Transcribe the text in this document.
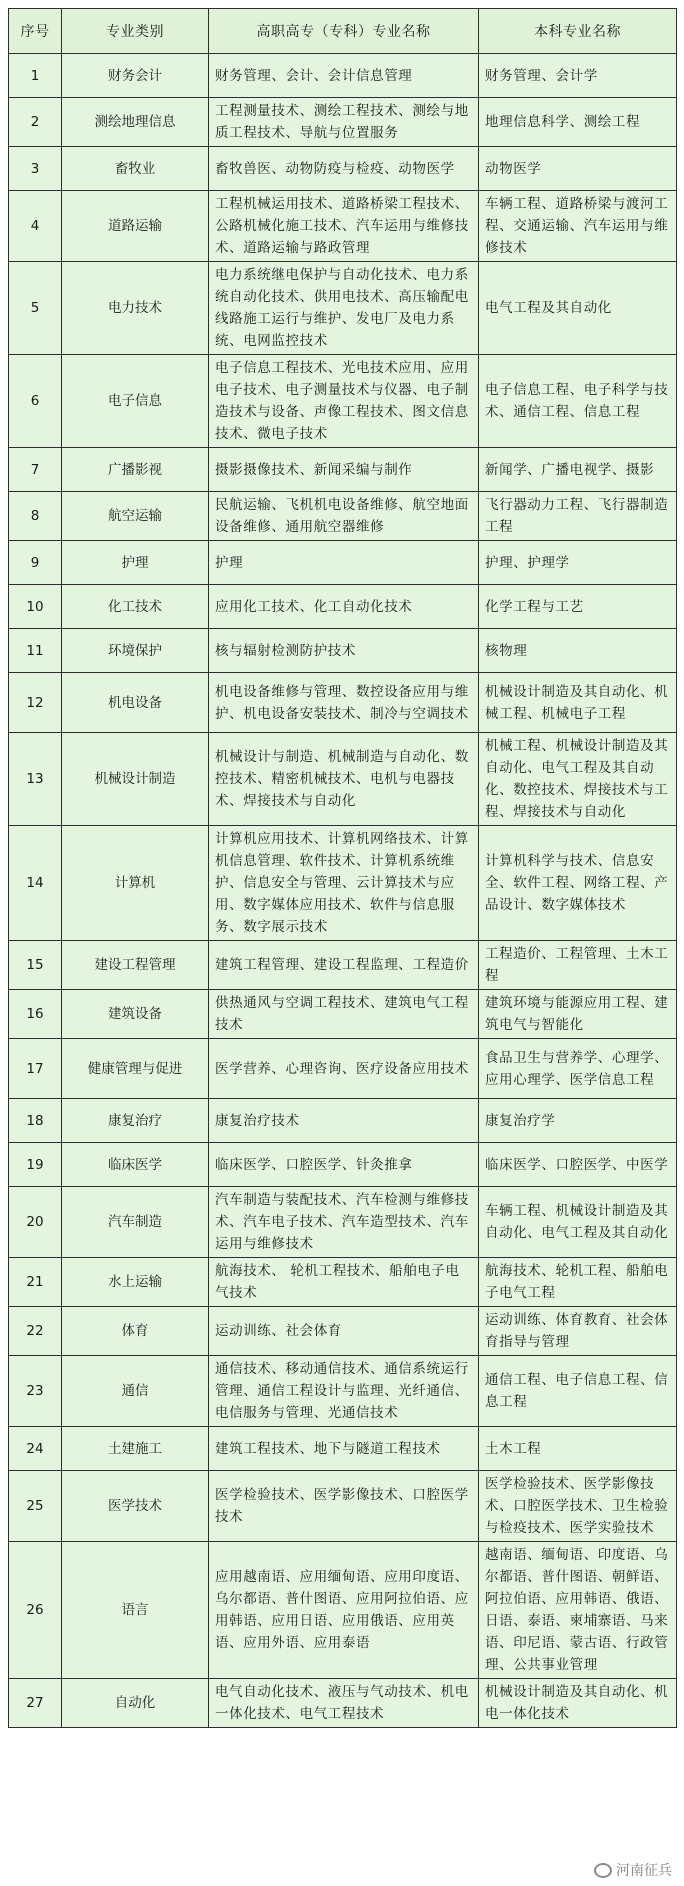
序号	专业类别	高职高专（专科）专业名称	本科专业名称
1	财务会计	财务管理、会计、会计信息管理	财务管理、会计学
2	测绘地理信息	工程测量技术、测绘工程技术、测绘与地质工程技术、导航与位置服务	地理信息科学、测绘工程
3	畜牧业	畜牧兽医、动物防疫与检疫、动物医学	动物医学
4	道路运输	工程机械运用技术、道路桥梁工程技术、公路机械化施工技术、汽车运用与维修技术、道路运输与路政管理	车辆工程、道路桥梁与渡河工程、交通运输、汽车运用与维修技术
5	电力技术	电力系统继电保护与自动化技术、电力系统自动化技术、供用电技术、高压输配电线路施工运行与维护、发电厂及电力系统、电网监控技术	电气工程及其自动化
6	电子信息	电子信息工程技术、光电技术应用、应用电子技术、电子测量技术与仪器、电子制造技术与设备、声像工程技术、图文信息技术、微电子技术	电子信息工程、电子科学与技术、通信工程、信息工程
7	广播影视	摄影摄像技术、新闻采编与制作	新闻学、广播电视学、摄影
8	航空运输	民航运输、飞机机电设备维修、航空地面设备维修、通用航空器维修	飞行器动力工程、飞行器制造工程
9	护理	护理	护理、护理学
10	化工技术	应用化工技术、化工自动化技术	化学工程与工艺
11	环境保护	核与辐射检测防护技术	核物理
12	机电设备	机电设备维修与管理、数控设备应用与维护、机电设备安装技术、制冷与空调技术	机械设计制造及其自动化、机械工程、机械电子工程
13	机械设计制造	机械设计与制造、机械制造与自动化、数控技术、精密机械技术、电机与电器技术、焊接技术与自动化	机械工程、机械设计制造及其自动化、电气工程及其自动化、数控技术、焊接技术与工程、焊接技术与自动化
14	计算机	计算机应用技术、计算机网络技术、计算机信息管理、软件技术、计算机系统维护、信息安全与管理、云计算技术与应用、数字媒体应用技术、软件与信息服务、数字展示技术	计算机科学与技术、信息安全、软件工程、网络工程、产品设计、数字媒体技术
15	建设工程管理	建筑工程管理、建设工程监理、工程造价	工程造价、工程管理、土木工程
16	建筑设备	供热通风与空调工程技术、建筑电气工程技术	建筑环境与能源应用工程、建筑电气与智能化
17	健康管理与促进	医学营养、心理咨询、医疗设备应用技术	食品卫生与营养学、心理学、应用心理学、医学信息工程
18	康复治疗	康复治疗技术	康复治疗学
19	临床医学	临床医学、口腔医学、针灸推拿	临床医学、口腔医学、中医学
20	汽车制造	汽车制造与装配技术、汽车检测与维修技术、汽车电子技术、汽车造型技术、汽车运用与维修技术	车辆工程、机械设计制造及其自动化、电气工程及其自动化
21	水上运输	航海技术、 轮机工程技术、船舶电子电气技术	航海技术、轮机工程、船舶电子电气工程
22	体育	运动训练、社会体育	运动训练、体育教育、社会体育指导与管理
23	通信	通信技术、移动通信技术、通信系统运行管理、通信工程设计与监理、光纤通信、电信服务与管理、光通信技术	通信工程、电子信息工程、信息工程
24	土建施工	建筑工程技术、地下与隧道工程技术	土木工程
25	医学技术	医学检验技术、医学影像技术、口腔医学技术	医学检验技术、医学影像技术、口腔医学技术、卫生检验与检疫技术、医学实验技术
26	语言	应用越南语、应用缅甸语、应用印度语、乌尔都语、普什图语、应用阿拉伯语、应用韩语、应用日语、应用俄语、应用英语、应用外语、应用泰语	越南语、缅甸语、印度语、乌尔都语、普什图语、朝鲜语、阿拉伯语、应用韩语、俄语、日语、泰语、柬埔寨语、马来语、印尼语、蒙古语、行政管理、公共事业管理
27	自动化	电气自动化技术、液压与气动技术、机电一体化技术、电气工程技术	机械设计制造及其自动化、机电一体化技术
河南征兵
